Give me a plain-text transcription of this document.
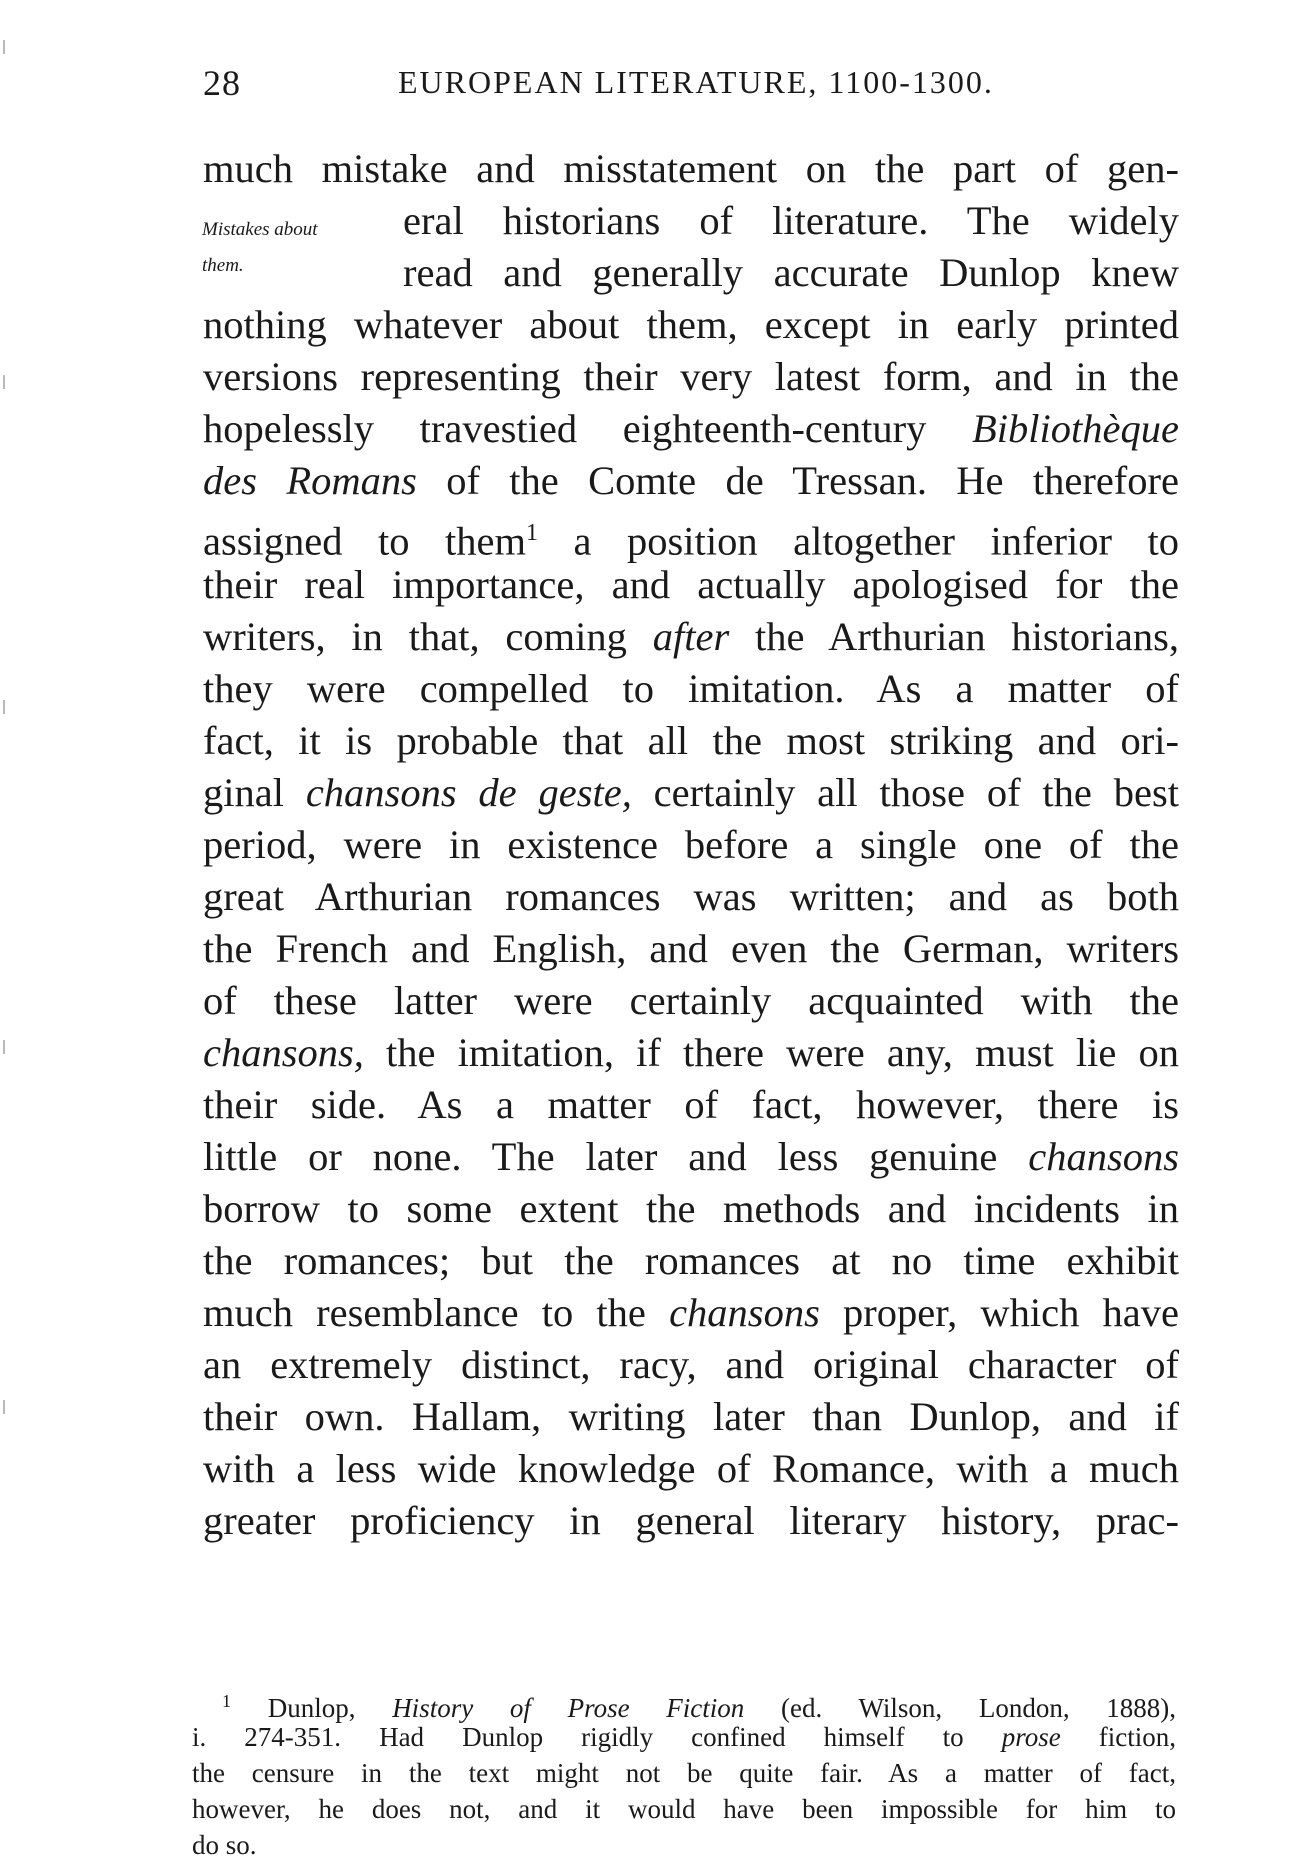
28	EUROPEAN LITERATURE, 1100-1300.
Mistakes about
them.
much mistake and misstatement on the part of gen-
eral historians of literature. The widely
read and generally accurate Dunlop knew
nothing whatever about them, except in early printed
versions representing their very latest form, and in the
hopelessly travestied eighteenth-century Bibliothèque
des Romans of the Comte de Tressan. He therefore
assigned to them$^1$ a position altogether inferior to
their real importance, and actually apologised for the
writers, in that, coming after the Arthurian historians,
they were compelled to imitation. As a matter of
fact, it is probable that all the most striking and ori-
ginal chansons de geste, certainly all those of the best
period, were in existence before a single one of the
great Arthurian romances was written; and as both
the French and English, and even the German, writers
of these latter were certainly acquainted with the
chansons, the imitation, if there were any, must lie on
their side. As a matter of fact, however, there is
little or none. The later and less genuine chansons
borrow to some extent the methods and incidents in
the romances; but the romances at no time exhibit
much resemblance to the chansons proper, which have
an extremely distinct, racy, and original character of
their own. Hallam, writing later than Dunlop, and if
with a less wide knowledge of Romance, with a much
greater proficiency in general literary history, prac-
$^1$ Dunlop, History of Prose Fiction (ed. Wilson, London, 1888),
i. 274-351. Had Dunlop rigidly confined himself to prose fiction,
the censure in the text might not be quite fair. As a matter of fact,
however, he does not, and it would have been impossible for him to
do so.
